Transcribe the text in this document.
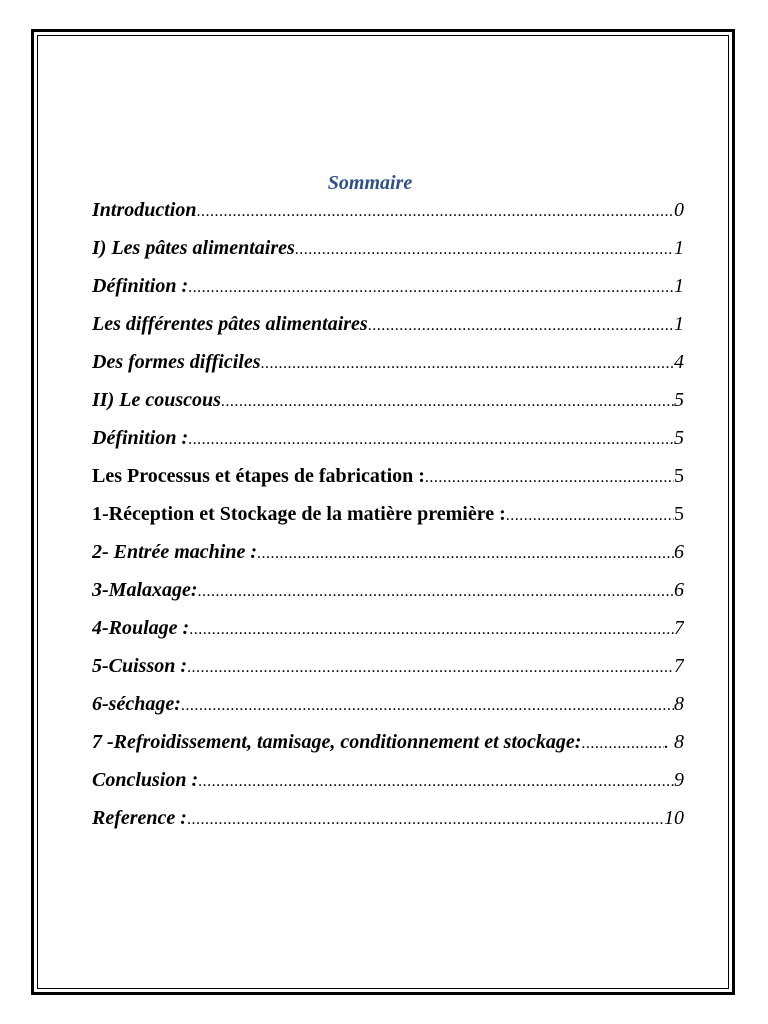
Sommaire
Introduction .....	0
I) Les pâtes alimentaires .....	1
Définition : .....	1
Les différentes pâtes alimentaires .....	1
Des formes difficiles .....	4
II) Le couscous .....	5
Définition : .....	5
Les Processus et étapes de fabrication : .....	5
1-Réception et Stockage de la matière première : .....	5
2- Entrée machine : .....	6
3-Malaxage: .....	6
4-Roulage : .....	7
5-Cuisson : .....	7
6-séchage: .....	8
7 -Refroidissement, tamisage, conditionnement et stockage: .....	. 8
Conclusion : .....	9
Reference : .....	10
